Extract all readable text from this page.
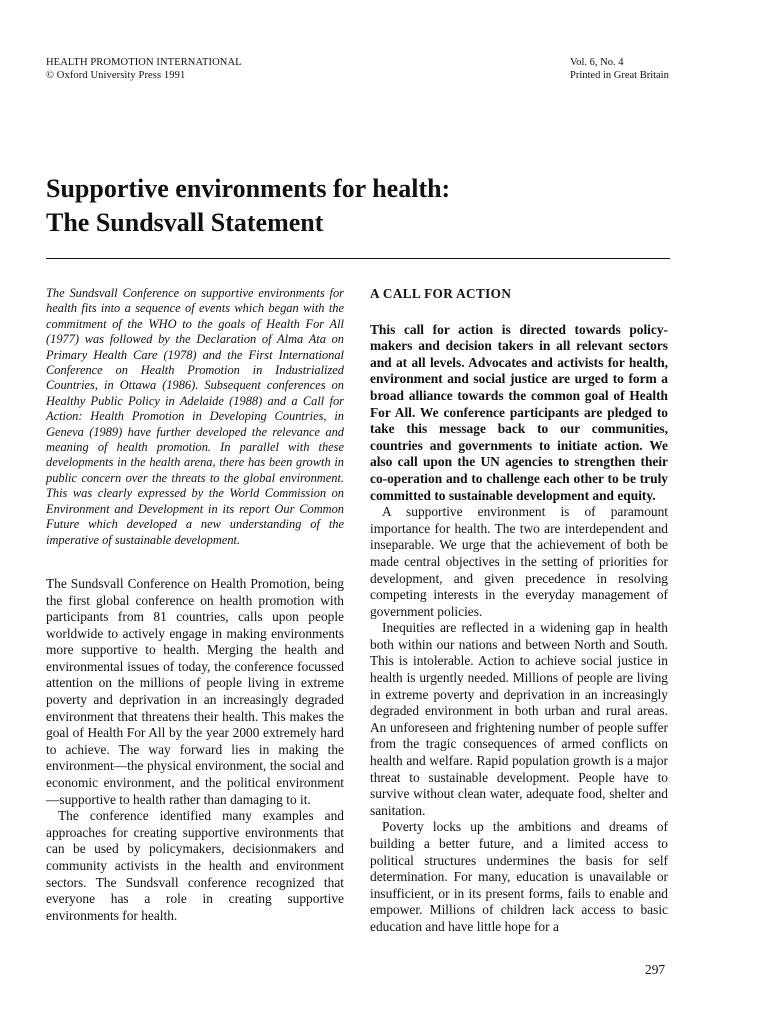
HEALTH PROMOTION INTERNATIONAL
© Oxford University Press 1991
Vol. 6, No. 4
Printed in Great Britain
Supportive environments for health:
The Sundsvall Statement

The Sundsvall Conference on supportive environments for health fits into a sequence of events which began with the commitment of the WHO to the goals of Health For All (1977) was followed by the Declaration of Alma Ata on Primary Health Care (1978) and the First International Conference on Health Promotion in Industrialized Countries, in Ottawa (1986). Subsequent conferences on Healthy Public Policy in Adelaide (1988) and a Call for Action: Health Promotion in Developing Countries, in Geneva (1989) have further developed the relevance and meaning of health promotion. In parallel with these developments in the health arena, there has been growth in public concern over the threats to the global environment. This was clearly expressed by the World Commission on Environment and Development in its report Our Common Future which developed a new understanding of the imperative of sustainable development.

The Sundsvall Conference on Health Promotion, being the first global conference on health promotion with participants from 81 countries, calls upon people worldwide to actively engage in making environments more supportive to health. Merging the health and environmental issues of today, the conference focussed attention on the millions of people living in extreme poverty and deprivation in an increasingly degraded environment that threatens their health. This makes the goal of Health For All by the year 2000 extremely hard to achieve. The way forward lies in making the environment—the physical environment, the social and economic environment, and the political environment—supportive to health rather than damaging to it.

The conference identified many examples and approaches for creating supportive environments that can be used by policymakers, decisionmakers and community activists in the health and environment sectors. The Sundsvall conference recognized that everyone has a role in creating supportive environments for health.

A CALL FOR ACTION

This call for action is directed towards policy-makers and decision takers in all relevant sectors and at all levels. Advocates and activists for health, environment and social justice are urged to form a broad alliance towards the common goal of Health For All. We conference participants are pledged to take this message back to our communities, countries and governments to initiate action. We also call upon the UN agencies to strengthen their co-operation and to challenge each other to be truly committed to sustainable development and equity.

A supportive environment is of paramount importance for health. The two are interdependent and inseparable. We urge that the achievement of both be made central objectives in the setting of priorities for development, and given precedence in resolving competing interests in the everyday management of government policies.

Inequities are reflected in a widening gap in health both within our nations and between North and South. This is intolerable. Action to achieve social justice in health is urgently needed. Millions of people are living in extreme poverty and deprivation in an increasingly degraded environment in both urban and rural areas. An unforeseen and frightening number of people suffer from the tragic consequences of armed conflicts on health and welfare. Rapid population growth is a major threat to sustainable development. People have to survive without clean water, adequate food, shelter and sanitation.

Poverty locks up the ambitions and dreams of building a better future, and a limited access to political structures undermines the basis for self determination. For many, education is unavailable or insufficient, or in its present forms, fails to enable and empower. Millions of children lack access to basic education and have little hope for a

297
